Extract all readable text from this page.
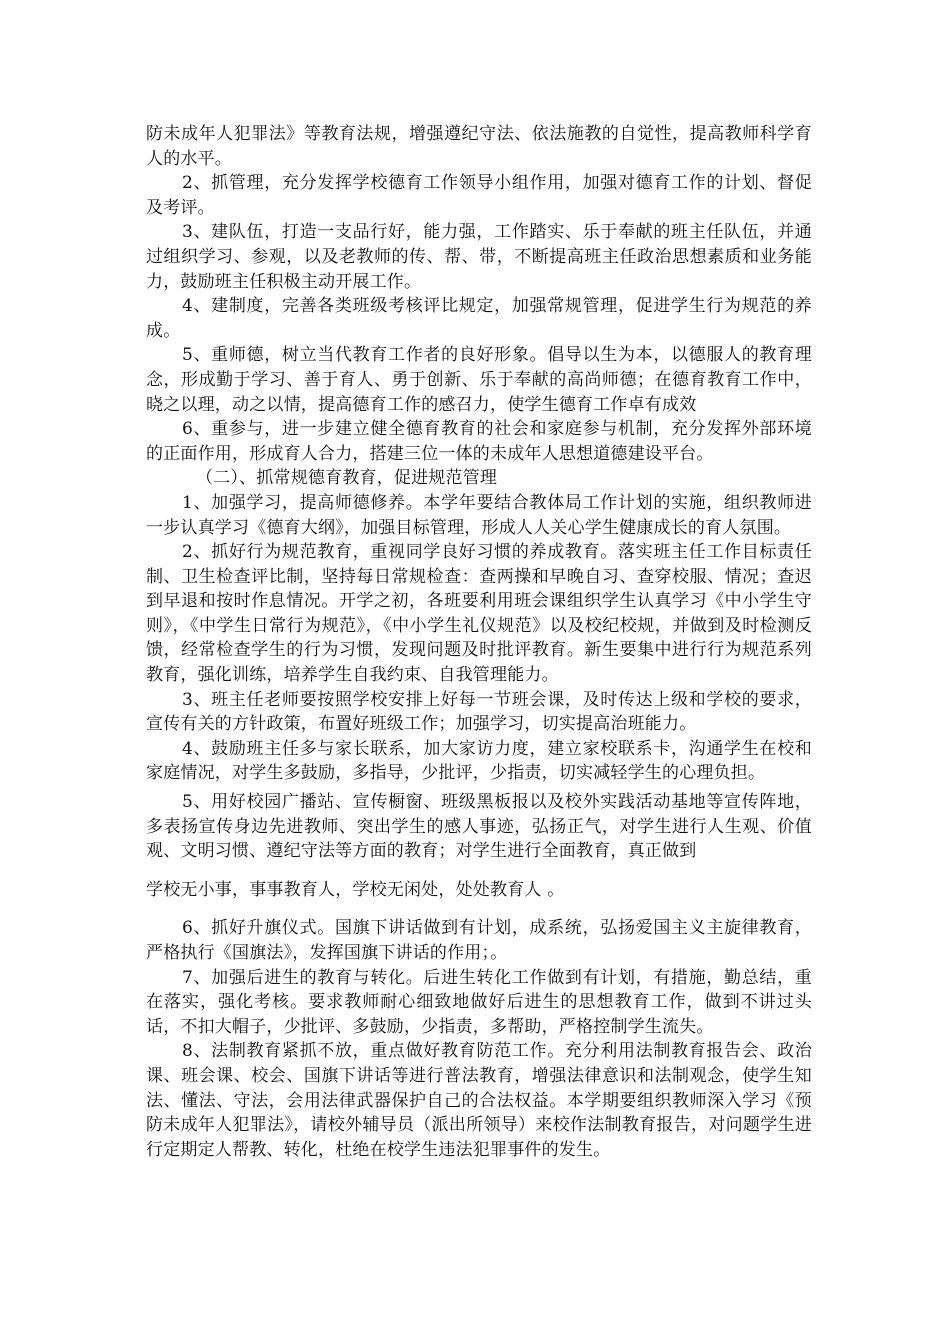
防未成年人犯罪法》等教育法规，增强遵纪守法、依法施教的自觉性，提高教师科学育人的水平。

2、抓管理，充分发挥学校德育工作领导小组作用，加强对德育工作的计划、督促及考评。

3、建队伍，打造一支品行好，能力强，工作踏实、乐于奉献的班主任队伍，并通过组织学习、参观，以及老教师的传、帮、带，不断提高班主任政治思想素质和业务能力，鼓励班主任积极主动开展工作。

4、建制度，完善各类班级考核评比规定，加强常规管理，促进学生行为规范的养成。

5、重师德，树立当代教育工作者的良好形象。倡导以生为本，以德服人的教育理念，形成勤于学习、善于育人、勇于创新、乐于奉献的高尚师德；在德育教育工作中，晓之以理，动之以情，提高德育工作的感召力，使学生德育工作卓有成效

6、重参与，进一步建立健全德育教育的社会和家庭参与机制，充分发挥外部环境的正面作用，形成育人合力，搭建三位一体的未成年人思想道德建设平台。

（二）、抓常规德育教育，促进规范管理

1、加强学习，提高师德修养。本学年要结合教体局工作计划的实施，组织教师进一步认真学习《德育大纲》，加强目标管理，形成人人关心学生健康成长的育人氛围。

2、抓好行为规范教育，重视同学良好习惯的养成教育。落实班主任工作目标责任制、卫生检查评比制，坚持每日常规检查：查两操和早晚自习、查穿校服、情况；查迟到早退和按时作息情况。开学之初，各班要利用班会课组织学生认真学习《中小学生守则》，《中学生日常行为规范》，《中小学生礼仪规范》以及校纪校规，并做到及时检测反馈，经常检查学生的行为习惯，发现问题及时批评教育。新生要集中进行行为规范系列教育，强化训练，培养学生自我约束、自我管理能力。

3、班主任老师要按照学校安排上好每一节班会课，及时传达上级和学校的要求，宣传有关的方针政策，布置好班级工作；加强学习，切实提高治班能力。

4、鼓励班主任多与家长联系，加大家访力度，建立家校联系卡，沟通学生在校和家庭情况，对学生多鼓励，多指导，少批评，少指责，切实减轻学生的心理负担。

5、用好校园广播站、宣传橱窗、班级黑板报以及校外实践活动基地等宣传阵地，多表扬宣传身边先进教师、突出学生的感人事迹，弘扬正气，对学生进行人生观、价值观、文明习惯、遵纪守法等方面的教育；对学生进行全面教育，真正做到

学校无小事，事事教育人，学校无闲处，处处教育人 。

6、抓好升旗仪式。国旗下讲话做到有计划，成系统，弘扬爱国主义主旋律教育，严格执行《国旗法》，发挥国旗下讲话的作用；。

7、加强后进生的教育与转化。后进生转化工作做到有计划，有措施，勤总结，重在落实，强化考核。要求教师耐心细致地做好后进生的思想教育工作，做到不讲过头话，不扣大帽子，少批评、多鼓励，少指责，多帮助，严格控制学生流失。

8、法制教育紧抓不放，重点做好教育防范工作。充分利用法制教育报告会、政治课、班会课、校会、国旗下讲话等进行普法教育，增强法律意识和法制观念，使学生知法、懂法、守法，会用法律武器保护自己的合法权益。本学期要组织教师深入学习《预防未成年人犯罪法》，请校外辅导员（派出所领导）来校作法制教育报告，对问题学生进行定期定人帮教、转化，杜绝在校学生违法犯罪事件的发生。
